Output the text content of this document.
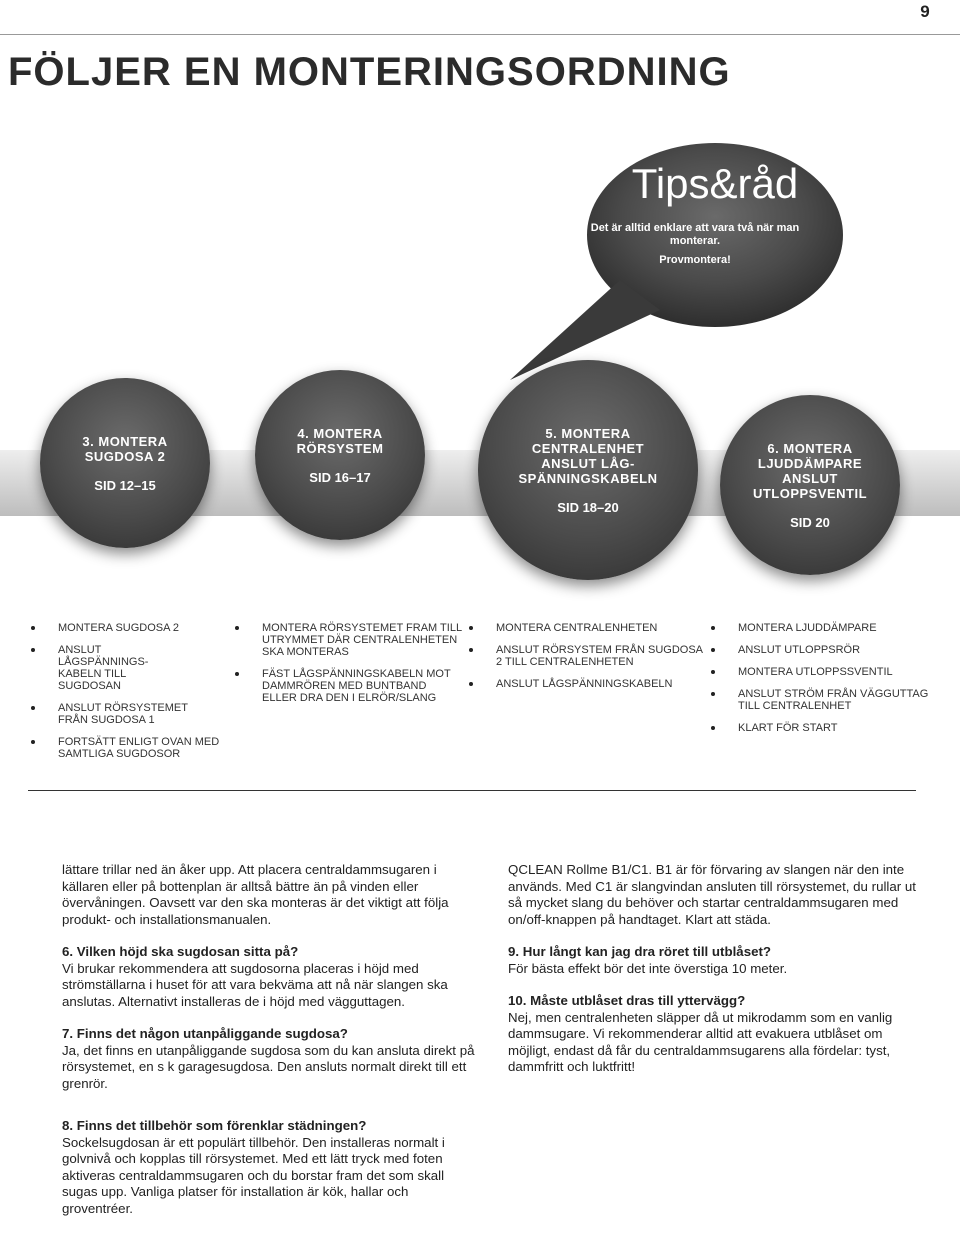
9
FÖLJER EN MONTERINGSORDNING
Tips&råd
Det är alltid enklare att vara två när man monterar.
Provmontera!
3. MONTERA SUGDOSA 2
SID 12–15
4. MONTERA RÖRSYSTEM
SID 16–17
5. MONTERA CENTRALENHET ANSLUT LÅG-SPÄNNINGSKABELN
SID 18–20
6. MONTERA LJUDDÄMPARE ANSLUT UTLOPPSVENTIL
SID 20
MONTERA SUGDOSA 2
ANSLUT LÅGSPÄNNINGS-KABELN TILL SUGDOSAN
ANSLUT RÖRSYSTEMET FRÅN SUGDOSA 1
FORTSÄTT ENLIGT OVAN MED SAMTLIGA SUGDOSOR
MONTERA RÖRSYSTEMET FRAM TILL UTRYMMET DÄR CENTRALENHETEN SKA MONTERAS
FÄST LÅGSPÄNNINGSKABELN MOT DAMMRÖREN MED BUNTBAND ELLER DRA DEN I ELRÖR/SLANG
MONTERA CENTRALENHETEN
ANSLUT RÖRSYSTEM FRÅN SUGDOSA 2 TILL CENTRALENHETEN
ANSLUT LÅGSPÄNNINGSKABELN
MONTERA LJUDDÄMPARE
ANSLUT UTLOPPSRÖR
MONTERA UTLOPPSSVENTIL
ANSLUT STRÖM FRÅN VÄGGUTTAG TILL CENTRALENHET
KLART FÖR START

lättare trillar ned än åker upp. Att placera centraldammsugaren i källaren eller på bottenplan är alltså bättre än på vinden eller övervåningen. Oavsett var den ska monteras är det viktigt att följa produkt- och installationsmanualen.

6. Vilken höjd ska sugdosan sitta på?

Vi brukar rekommendera att sugdosorna placeras i höjd med strömställarna i huset för att vara bekväma att nå när slangen ska anslutas. Alternativt installeras de i höjd med vägguttagen.

7. Finns det någon utanpåliggande sugdosa?

Ja, det finns en utanpåliggande sugdosa som du kan ansluta direkt på rörsystemet, en s k garagesugdosa. Den ansluts normalt direkt till ett grenrör.

8. Finns det tillbehör som förenklar städningen?

Sockelsugdosan är ett populärt tillbehör. Den installeras normalt i golvnivå och kopplas till rörsystemet. Med ett lätt tryck med foten aktiveras centraldammsugaren och du borstar fram det som skall sugas upp. Vanliga platser för installation är kök, hallar och groventréer.

QCLEAN Rollme B1/C1. B1 är för förvaring av slangen när den inte används. Med C1 är slangvindan ansluten till rörsystemet, du rullar ut så mycket slang du behöver och startar centraldammsugaren med on/off-knappen på handtaget. Klart att städa.

9. Hur långt kan jag dra röret till utblåset?

För bästa effekt bör det inte överstiga 10 meter.

10. Måste utblåset dras till yttervägg?

Nej, men centralenheten släpper då ut mikrodamm som en vanlig dammsugare. Vi rekommenderar alltid att evakuera utblåset om möjligt, endast då får du centraldammsugarens alla fördelar: tyst, dammfritt och luktfritt!
